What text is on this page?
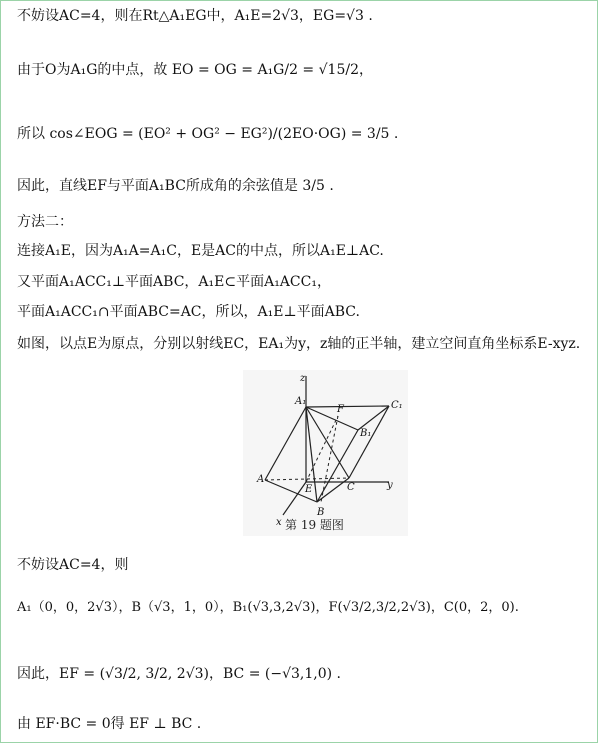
不妨设AC=4，则在Rt△A₁EG中，A₁E=2√3，EG=√3 .
由于O为A₁G的中点，故 EO = OG = A₁G/2 = √15/2，
所以 cos∠EOG = (EO² + OG² − EG²)/(2EO·OG) = 3/5 .
因此，直线EF与平面A₁BC所成角的余弦值是 3/5 .
方法二：
连接A₁E，因为A₁A=A₁C，E是AC的中点，所以A₁E⊥AC.
又平面A₁ACC₁⊥平面ABC，A₁E⊂平面A₁ACC₁，
平面A₁ACC₁∩平面ABC=AC，所以，A₁E⊥平面ABC.
如图，以点E为原点，分别以射线EC，EA₁为y，z轴的正半轴，建立空间直角坐标系E-xyz.
z
A₁
F	C₁
B₁
A
E	C	y
B
x 第 19 题图
不妨设AC=4，则
A₁（0，0，2√3），B（√3，1，0），B₁(√3,3,2√3)，F(√3/2,3/2,2√3)，C(0，2，0).
因此，EF = (√3/2, 3/2, 2√3)，BC = (−√3,1,0) .
由 EF·BC = 0得 EF ⊥ BC .
